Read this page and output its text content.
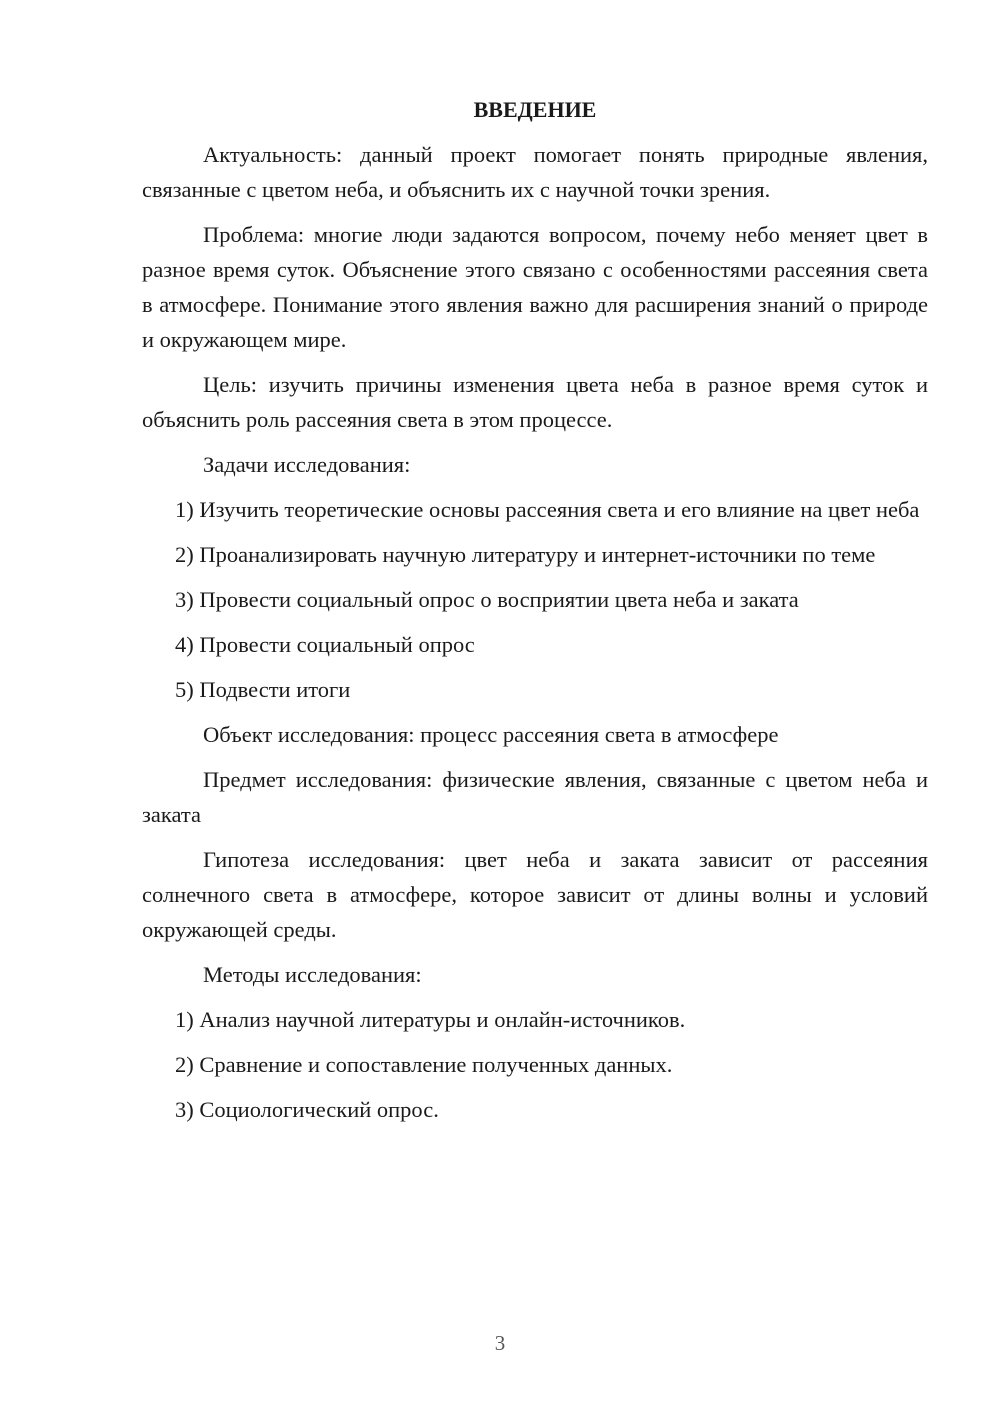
ВВЕДЕНИЕ

Актуальность: данный проект помогает понять природные явления, связанные с цветом неба, и объяснить их с научной точки зрения.

Проблема: многие люди задаются вопросом, почему небо меняет цвет в разное время суток. Объяснение этого связано с особенностями рассеяния света в атмосфере. Понимание этого явления важно для расширения знаний о природе и окружающем мире.

Цель: изучить причины изменения цвета неба в разное время суток и объяснить роль рассеяния света в этом процессе.

Задачи исследования:

1) Изучить теоретические основы рассеяния света и его влияние на цвет неба

2) Проанализировать научную литературу и интернет-источники по теме

3) Провести социальный опрос о восприятии цвета неба и заката

4) Провести социальный опрос

5) Подвести итоги

Объект исследования: процесс рассеяния света в атмосфере

Предмет исследования: физические явления, связанные с цветом неба и заката

Гипотеза исследования: цвет неба и заката зависит от рассеяния солнечного света в атмосфере, которое зависит от длины волны и условий окружающей среды.

Методы исследования:

1) Анализ научной литературы и онлайн-источников.

2) Сравнение и сопоставление полученных данных.

3) Социологический опрос.

3
